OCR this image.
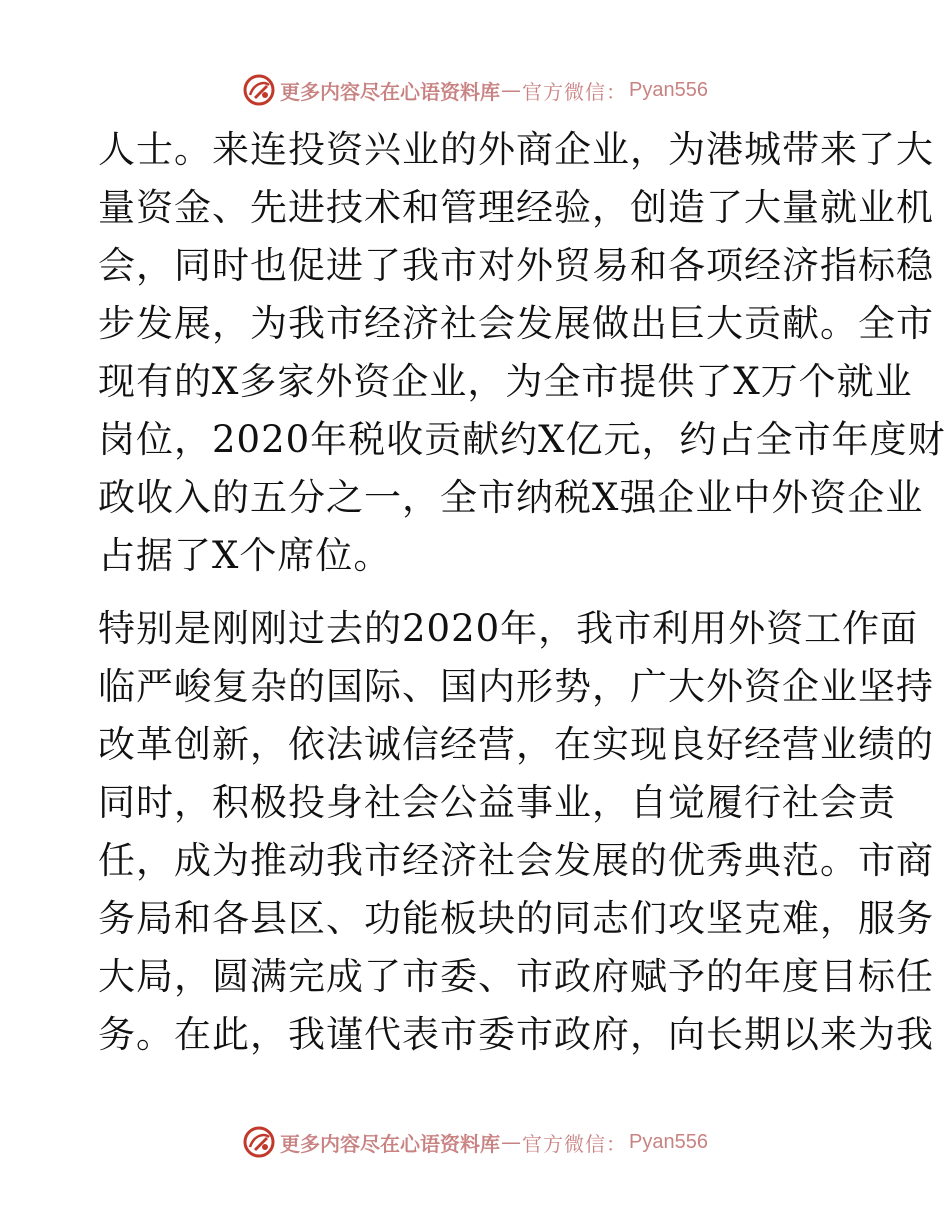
更多内容尽在心语资料库 — 官方微信： Pyan556
人士。来连投资兴业的外商企业，为港城带来了大
量资金、先进技术和管理经验，创造了大量就业机
会，同时也促进了我市对外贸易和各项经济指标稳
步发展，为我市经济社会发展做出巨大贡献。全市
现有的X多家外资企业，为全市提供了X万个就业
岗位，2020年税收贡献约X亿元，约占全市年度财
政收入的五分之一，全市纳税X强企业中外资企业
占据了X个席位。
特别是刚刚过去的2020年，我市利用外资工作面
临严峻复杂的国际、国内形势，广大外资企业坚持
改革创新，依法诚信经营，在实现良好经营业绩的
同时，积极投身社会公益事业，自觉履行社会责
任，成为推动我市经济社会发展的优秀典范。市商
务局和各县区、功能板块的同志们攻坚克难，服务
大局，圆满完成了市委、市政府赋予的年度目标任
务。在此，我谨代表市委市政府，向长期以来为我
更多内容尽在心语资料库 — 官方微信： Pyan556
